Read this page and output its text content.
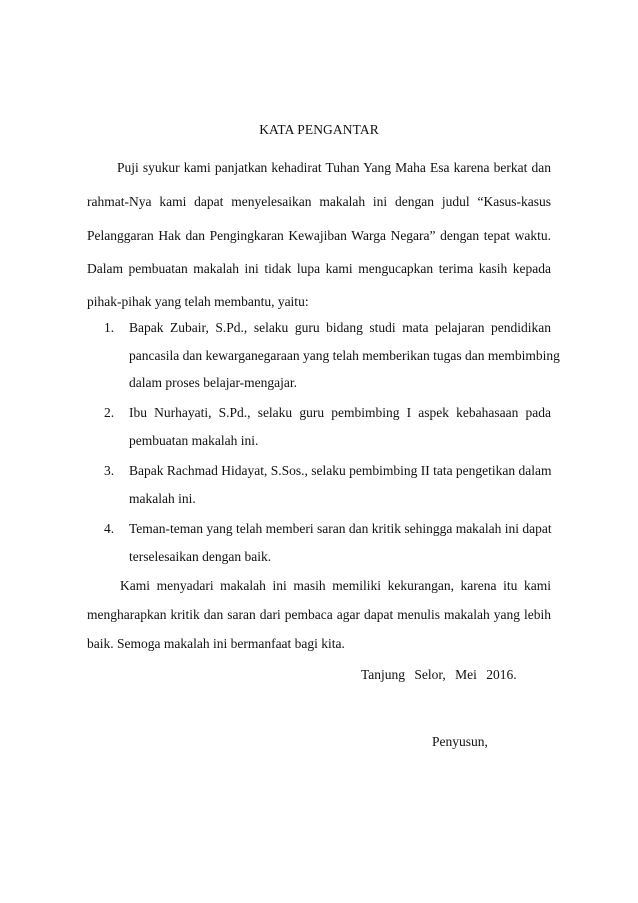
KATA PENGANTAR
Puji syukur kami panjatkan kehadirat Tuhan Yang Maha Esa karena berkat dan
rahmat-Nya kami dapat menyelesaikan makalah ini dengan judul “Kasus-kasus
Pelanggaran Hak dan Pengingkaran Kewajiban Warga Negara” dengan tepat waktu.
Dalam pembuatan makalah ini tidak lupa kami mengucapkan terima kasih kepada
pihak-pihak yang telah membantu, yaitu:
1. Bapak Zubair, S.Pd., selaku guru bidang studi mata pelajaran pendidikan
pancasila dan kewarganegaraan yang telah memberikan tugas dan membimbing
dalam proses belajar-mengajar.
2. Ibu Nurhayati, S.Pd., selaku guru pembimbing I aspek kebahasaan pada
pembuatan makalah ini.
3. Bapak Rachmad Hidayat, S.Sos., selaku pembimbing II tata pengetikan dalam
makalah ini.
4. Teman-teman yang telah memberi saran dan kritik sehingga makalah ini dapat
terselesaikan dengan baik.
Kami menyadari makalah ini masih memiliki kekurangan, karena itu kami
mengharapkan kritik dan saran dari pembaca agar dapat menulis makalah yang lebih
baik. Semoga makalah ini bermanfaat bagi kita.
Tanjung Selor, Mei 2016.
Penyusun,
